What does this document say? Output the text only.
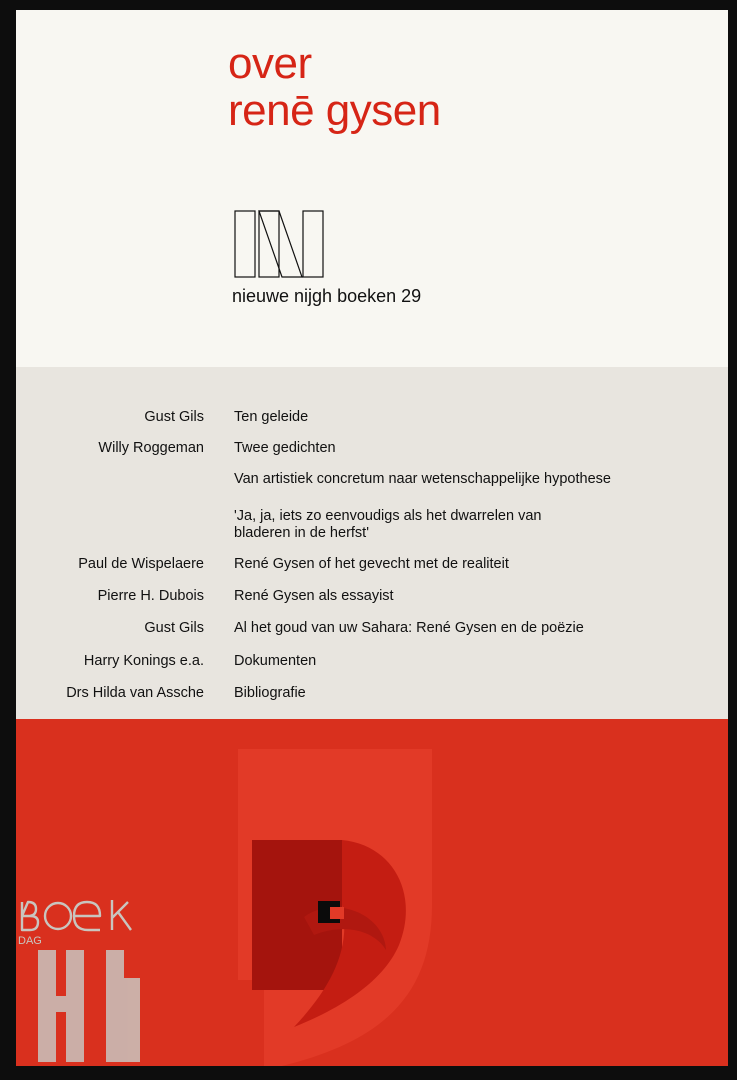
over
renē gysen
nieuwe nijgh boeken 29
Gust Gils Ten geleide
Willy Roggeman Twee gedichten
Van artistiek concretum naar wetenschappelijke hypothese
'Ja, ja, iets zo eenvoudigs als het dwarrelen van
bladeren in de herfst'
Paul de Wispelaere René Gysen of het gevecht met de realiteit
Pierre H. Dubois René Gysen als essayist
Gust Gils Al het goud van uw Sahara: René Gysen en de poëzie
Harry Konings e.a. Dokumenten
Drs Hilda van Assche Bibliografie
DAG
